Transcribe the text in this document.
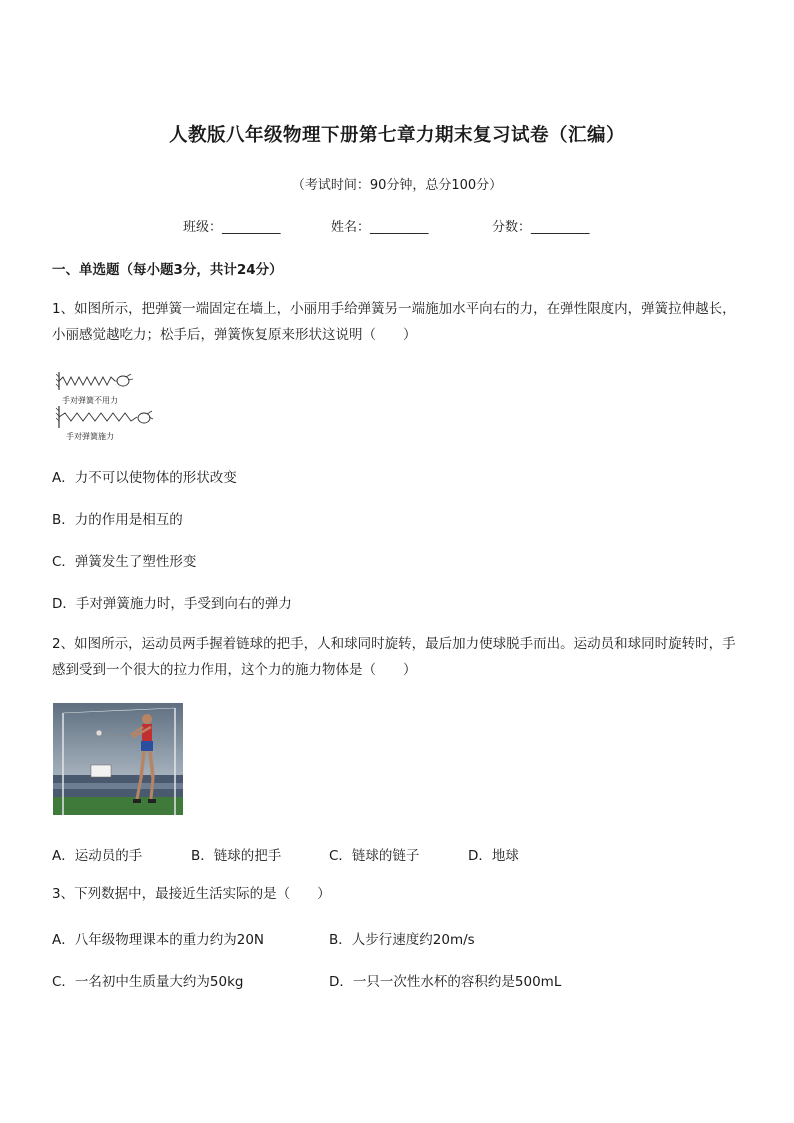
人教版八年级物理下册第七章力期末复习试卷（汇编）
（考试时间：90分钟，总分100分）
班级：_________	姓名：_________	分数：_________
一、单选题（每小题3分，共计24分）
1、如图所示，把弹簧一端固定在墙上，小丽用手给弹簧另一端施加水平向右的力，在弹性限度内，弹簧拉伸越长，小丽感觉越吃力；松手后，弹簧恢复原来形状这说明（　　）
手对弹簧不用力
手对弹簧施力
A．力不可以使物体的形状改变
B．力的作用是相互的
C．弹簧发生了塑性形变
D．手对弹簧施力时，手受到向右的弹力
2、如图所示，运动员两手握着链球的把手，人和球同时旋转，最后加力使球脱手而出。运动员和球同时旋转时，手感到受到一个很大的拉力作用，这个力的施力物体是（　　）
A．运动员的手	B．链球的把手	C．链球的链子	D．地球
3、下列数据中，最接近生活实际的是（　　）
A．八年级物理课本的重力约为20N	B．人步行速度约20m/s
C．一名初中生质量大约为50kg	D．一只一次性水杯的容积约是500mL
